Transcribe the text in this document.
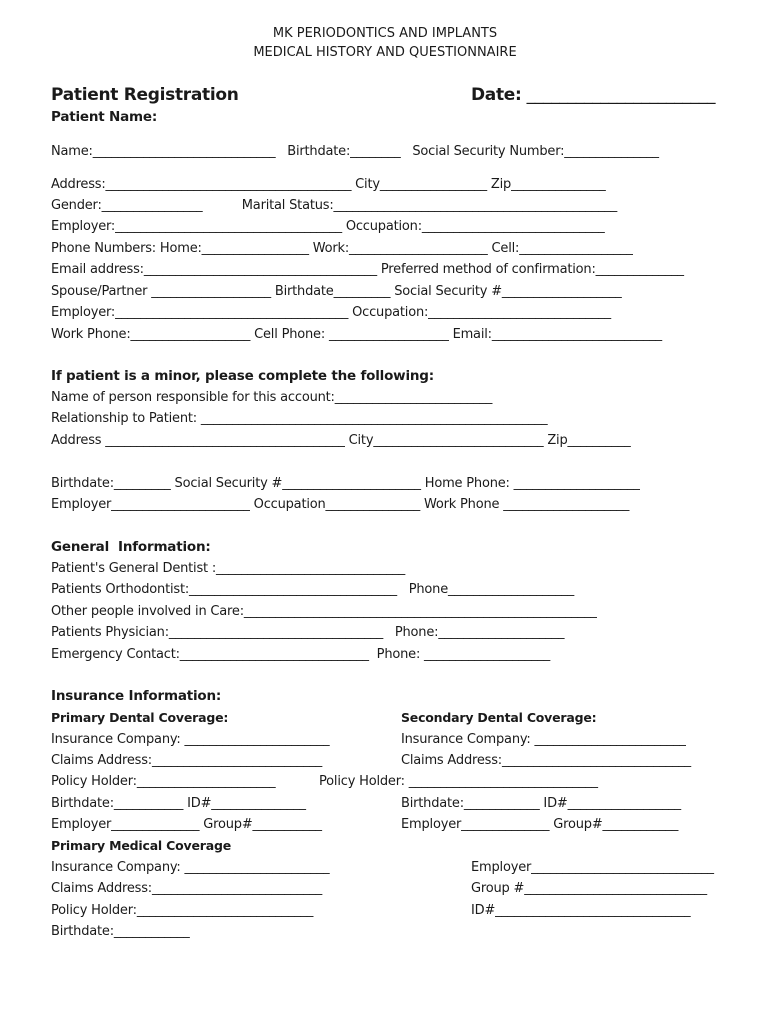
MK PERIODONTICS AND IMPLANTS
MEDICAL HISTORY AND QUESTIONNAIRE
Patient Registration	Date: _______________________
Patient Name:
Name:_____________________________   Birthdate:________   Social Security Number:_______________
Address:_______________________________________ City_________________ Zip_______________
Gender:________________          Marital Status:_____________________________________________
Employer:____________________________________ Occupation:_____________________________
Phone Numbers: Home:_________________ Work:______________________ Cell:__________________
Email address:_____________________________________ Preferred method of confirmation:______________
Spouse/Partner ___________________ Birthdate_________ Social Security #___________________
Employer:_____________________________________ Occupation:_____________________________
Work Phone:___________________ Cell Phone: ___________________ Email:___________________________
If patient is a minor, please complete the following:
Name of person responsible for this account:_________________________
Relationship to Patient: _______________________________________________________
Address ______________________________________ City___________________________ Zip__________
Birthdate:_________ Social Security #______________________ Home Phone: ____________________
Employer______________________ Occupation_______________ Work Phone ____________________
General  Information:
Patient's General Dentist :______________________________
Patients Orthodontist:_________________________________   Phone____________________
Other people involved in Care:________________________________________________________
Patients Physician:__________________________________   Phone:____________________
Emergency Contact:______________________________  Phone: ____________________
Insurance Information:
Primary Dental Coverage:	Secondary Dental Coverage:
Insurance Company: _______________________
Claims Address:___________________________
Policy Holder:______________________
Birthdate:___________ ID#_______________
Employer______________ Group#___________
Insurance Company: ________________________
Claims Address:______________________________
Policy Holder: ______________________________
Birthdate:____________ ID#__________________
Employer______________ Group#____________
Primary Medical Coverage
Insurance Company: _______________________
Claims Address:___________________________
Policy Holder:____________________________
Birthdate:____________
Employer_____________________________
Group #_____________________________
ID#_______________________________
